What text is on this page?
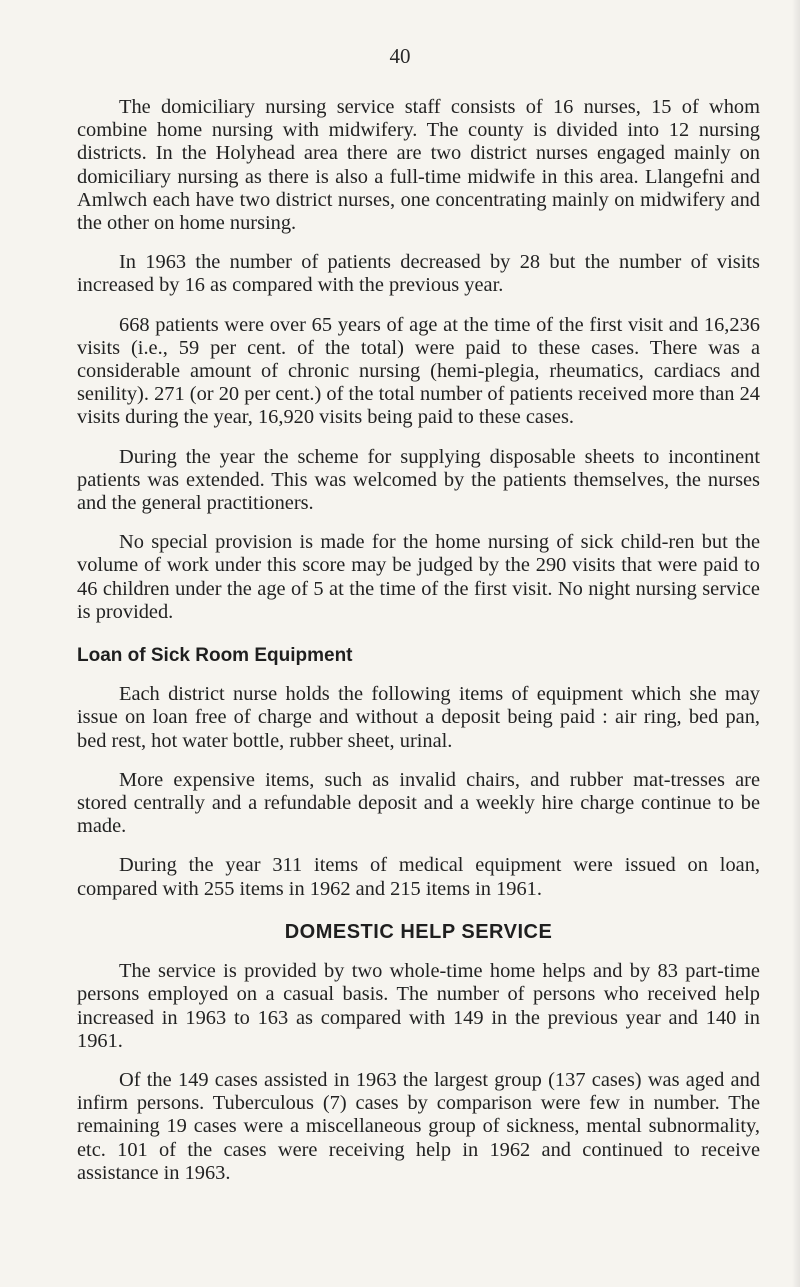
40

The domiciliary nursing service staff consists of 16 nurses, 15 of whom combine home nursing with midwifery. The county is divided into 12 nursing districts. In the Holyhead area there are two district nurses engaged mainly on domiciliary nursing as there is also a full-time midwife in this area. Llangefni and Amlwch each have two district nurses, one concentrating mainly on midwifery and the other on home nursing.

In 1963 the number of patients decreased by 28 but the number of visits increased by 16 as compared with the previous year.

668 patients were over 65 years of age at the time of the first visit and 16,236 visits (i.e., 59 per cent. of the total) were paid to these cases. There was a considerable amount of chronic nursing (hemi-plegia, rheumatics, cardiacs and senility). 271 (or 20 per cent.) of the total number of patients received more than 24 visits during the year, 16,920 visits being paid to these cases.

During the year the scheme for supplying disposable sheets to incontinent patients was extended. This was welcomed by the patients themselves, the nurses and the general practitioners.

No special provision is made for the home nursing of sick child-ren but the volume of work under this score may be judged by the 290 visits that were paid to 46 children under the age of 5 at the time of the first visit. No night nursing service is provided.

Loan of Sick Room Equipment

Each district nurse holds the following items of equipment which she may issue on loan free of charge and without a deposit being paid : air ring, bed pan, bed rest, hot water bottle, rubber sheet, urinal.

More expensive items, such as invalid chairs, and rubber mat-tresses are stored centrally and a refundable deposit and a weekly hire charge continue to be made.

During the year 311 items of medical equipment were issued on loan, compared with 255 items in 1962 and 215 items in 1961.

DOMESTIC HELP SERVICE

The service is provided by two whole-time home helps and by 83 part-time persons employed on a casual basis. The number of persons who received help increased in 1963 to 163 as compared with 149 in the previous year and 140 in 1961.

Of the 149 cases assisted in 1963 the largest group (137 cases) was aged and infirm persons. Tuberculous (7) cases by comparison were few in number. The remaining 19 cases were a miscellaneous group of sickness, mental subnormality, etc. 101 of the cases were receiving help in 1962 and continued to receive assistance in 1963.
